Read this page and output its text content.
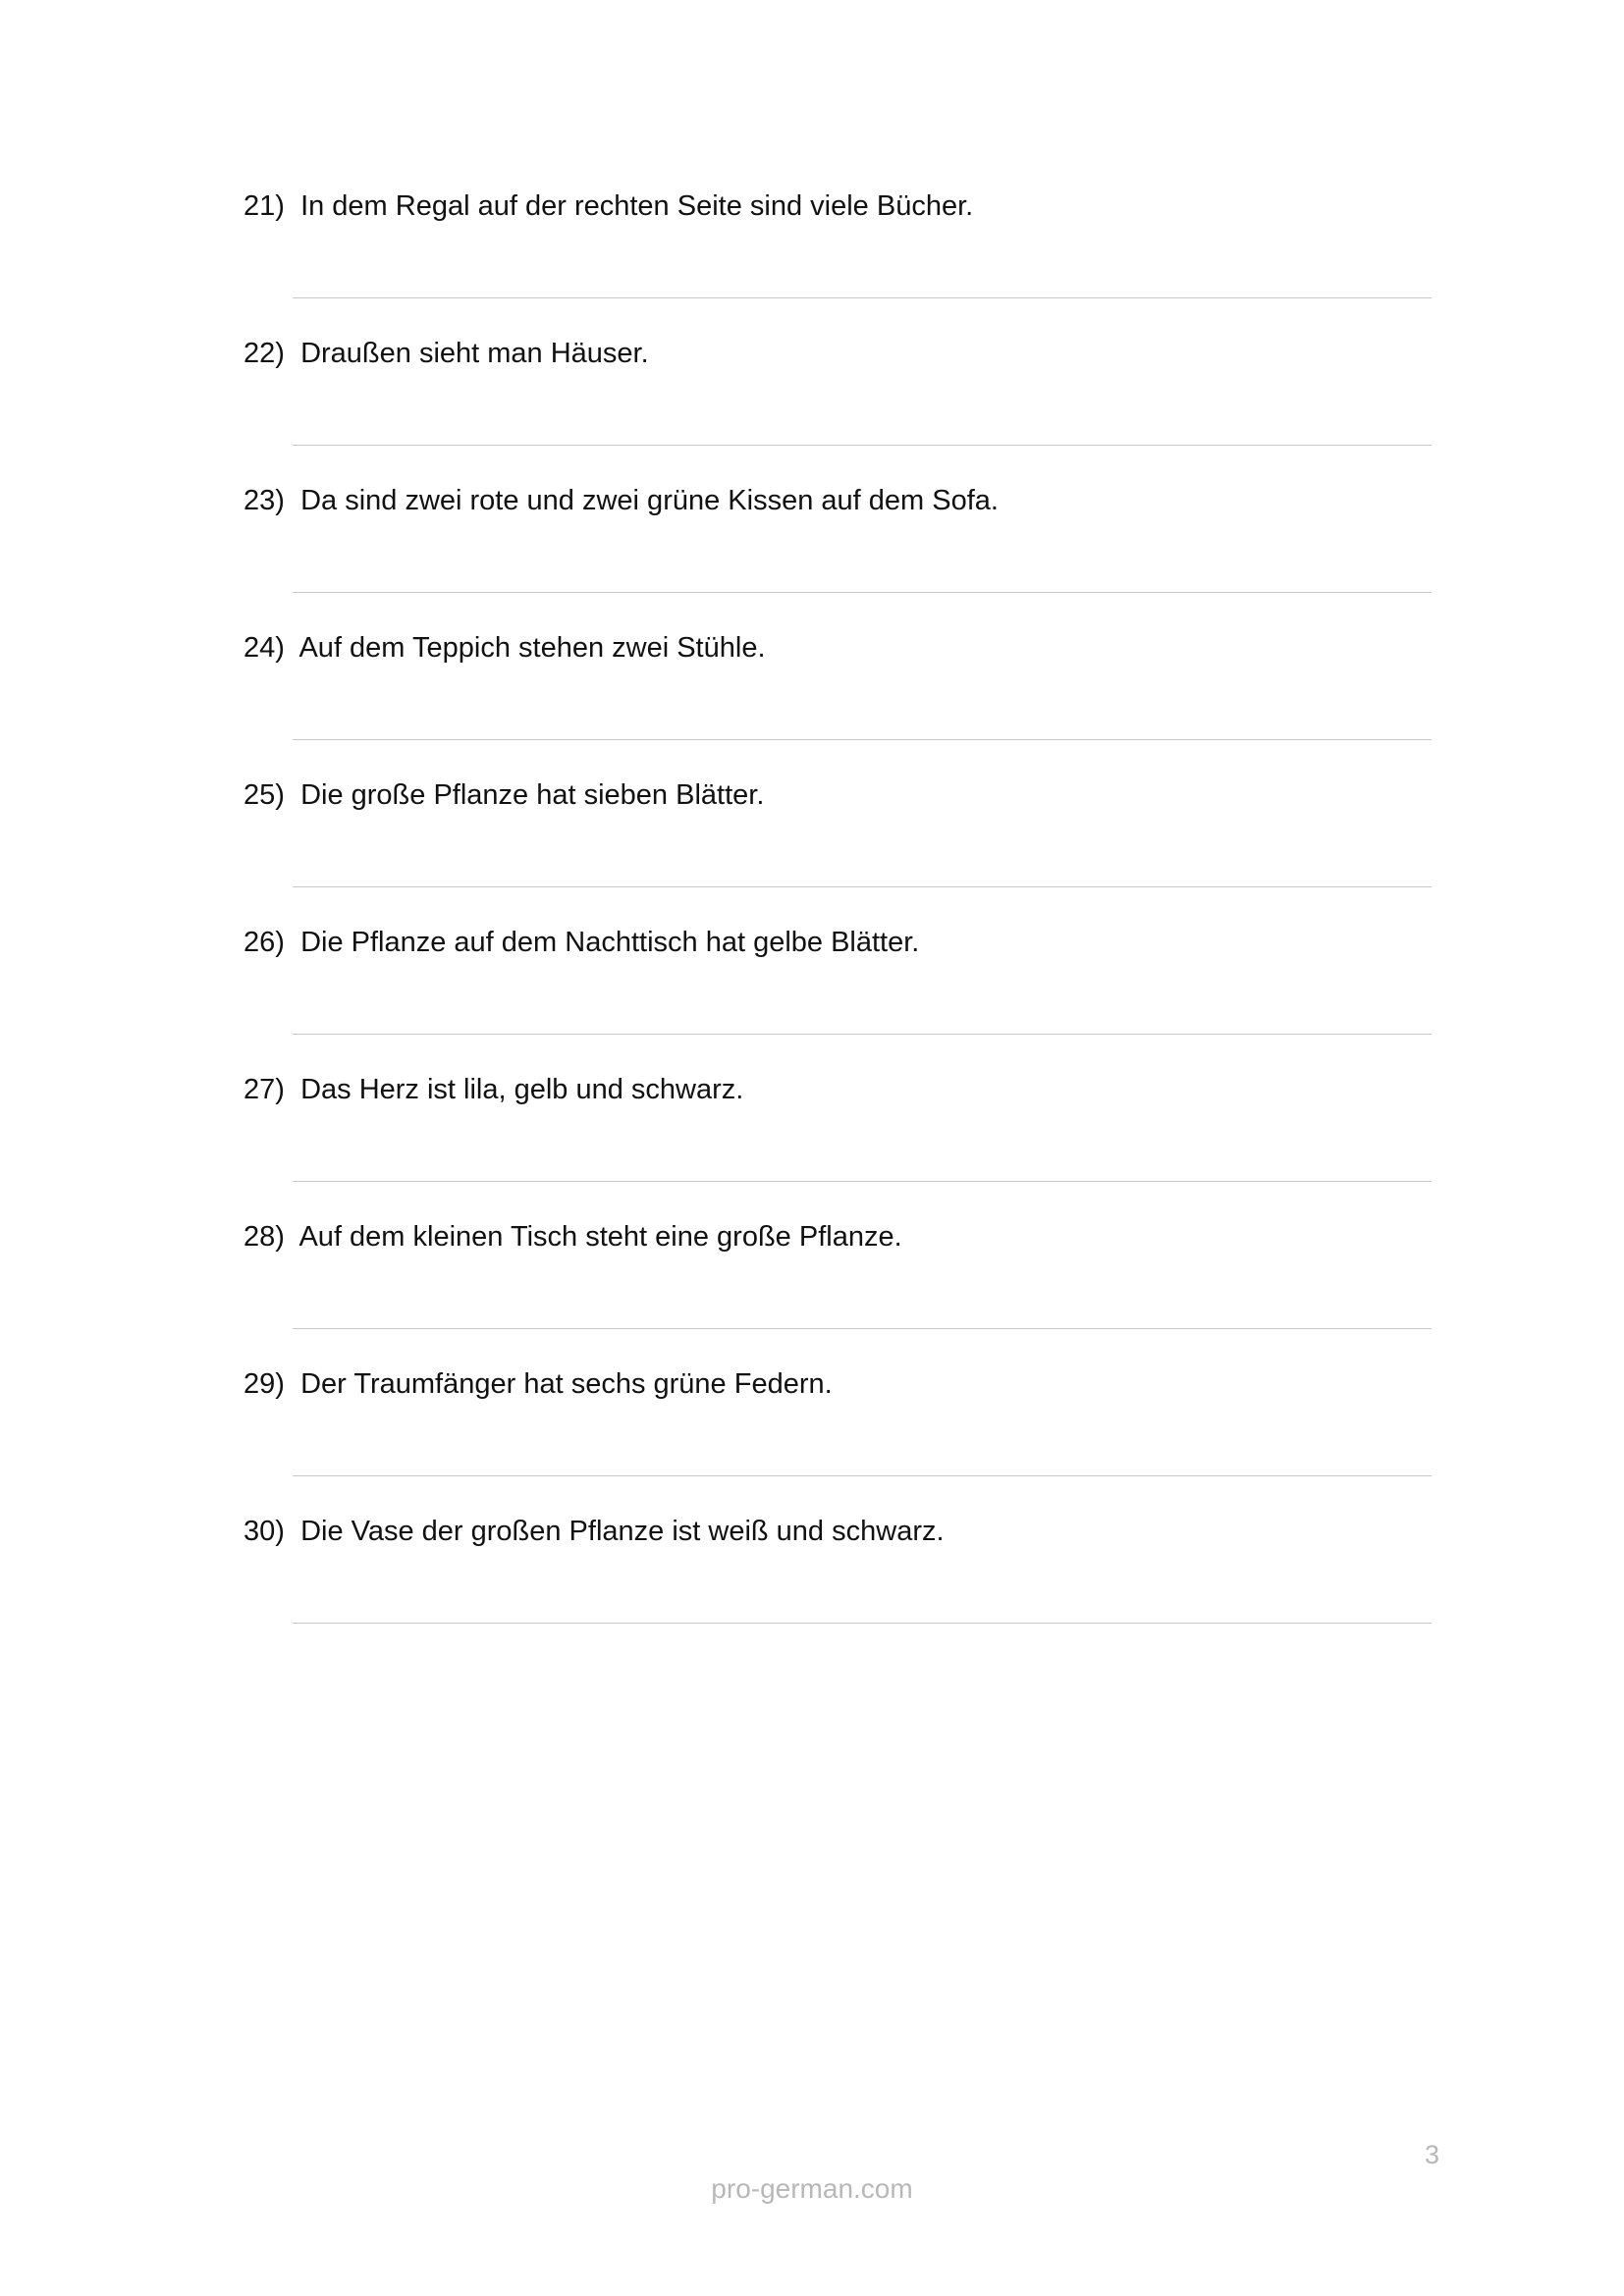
21) In dem Regal auf der rechten Seite sind viele Bücher.
22) Draußen sieht man Häuser.
23) Da sind zwei rote und zwei grüne Kissen auf dem Sofa.
24) Auf dem Teppich stehen zwei Stühle.
25) Die große Pflanze hat sieben Blätter.
26) Die Pflanze auf dem Nachttisch hat gelbe Blätter.
27) Das Herz ist lila, gelb und schwarz.
28) Auf dem kleinen Tisch steht eine große Pflanze.
29) Der Traumfänger hat sechs grüne Federn.
30) Die Vase der großen Pflanze ist weiß und schwarz.
3
pro-german.com
